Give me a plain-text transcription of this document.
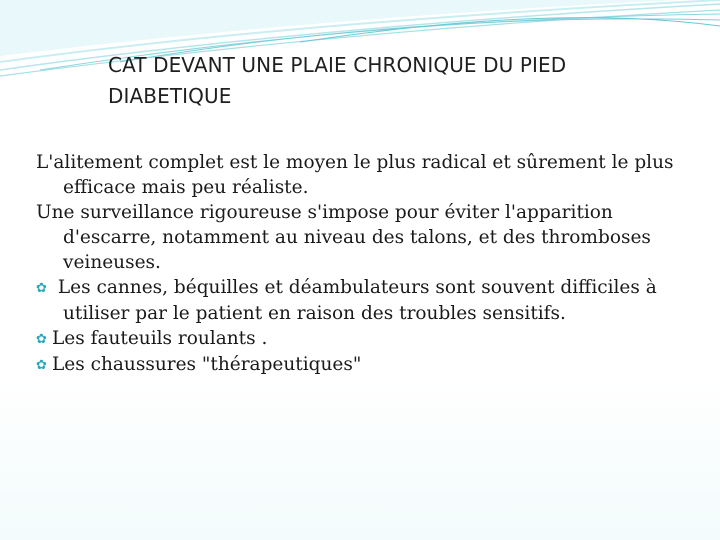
CAT DEVANT UNE PLAIE CHRONIQUE DU PIED DIABETIQUE

L'alitement complet est le moyen le plus radical et sûrement le plus efficace mais peu réaliste.

Une surveillance rigoureuse s'impose pour éviter l'apparition d'escarre, notamment au niveau des talons, et des thromboses veineuses.

✿ Les cannes, béquilles et déambulateurs sont souvent difficiles à utiliser par le patient en raison des troubles sensitifs.

✿ Les fauteuils roulants .

✿ Les chaussures "thérapeutiques"
